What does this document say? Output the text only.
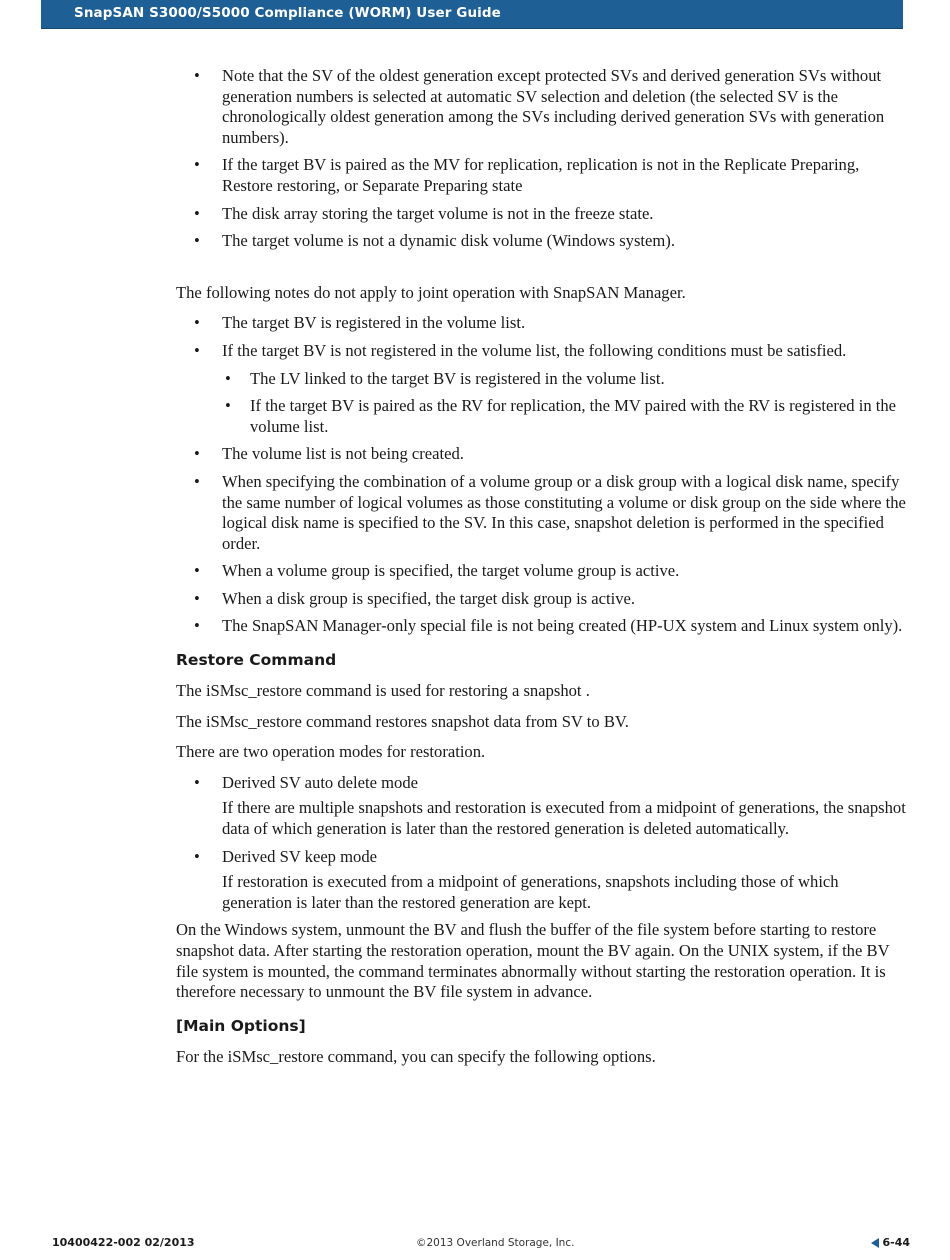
SnapSAN S3000/S5000 Compliance (WORM) User Guide
• Note that the SV of the oldest generation except protected SVs and derived generation SVs without generation numbers is selected at automatic SV selection and deletion (the selected SV is the chronologically oldest generation among the SVs including derived generation SVs with generation numbers).
• If the target BV is paired as the MV for replication, replication is not in the Replicate Preparing, Restore restoring, or Separate Preparing state
• The disk array storing the target volume is not in the freeze state.
• The target volume is not a dynamic disk volume (Windows system).

The following notes do not apply to joint operation with SnapSAN Manager.

• The target BV is registered in the volume list.
• If the target BV is not registered in the volume list, the following conditions must be satisfied.
• The LV linked to the target BV is registered in the volume list.
• If the target BV is paired as the RV for replication, the MV paired with the RV is registered in the volume list.
• The volume list is not being created.
• When specifying the combination of a volume group or a disk group with a logical disk name, specify the same number of logical volumes as those constituting a volume or disk group on the side where the logical disk name is specified to the SV. In this case, snapshot deletion is performed in the specified order.
• When a volume group is specified, the target volume group is active.
• When a disk group is specified, the target disk group is active.
• The SnapSAN Manager-only special file is not being created (HP-UX system and Linux system only).
Restore Command

The iSMsc_restore command is used for restoring a snapshot .

The iSMsc_restore command restores snapshot data from SV to BV.

There are two operation modes for restoration.

• Derived SV auto delete mode
If there are multiple snapshots and restoration is executed from a midpoint of generations, the snapshot data of which generation is later than the restored generation is deleted automatically.
• Derived SV keep mode
If restoration is executed from a midpoint of generations, snapshots including those of which generation is later than the restored generation are kept.

On the Windows system, unmount the BV and flush the buffer of the file system before starting to restore snapshot data. After starting the restoration operation, mount the BV again. On the UNIX system, if the BV file system is mounted, the command terminates abnormally without starting the restoration operation. It is therefore necessary to unmount the BV file system in advance.

[Main Options]

For the iSMsc_restore command, you can specify the following options.

10400422-002 02/2013	©2013 Overland Storage, Inc.	6-44
